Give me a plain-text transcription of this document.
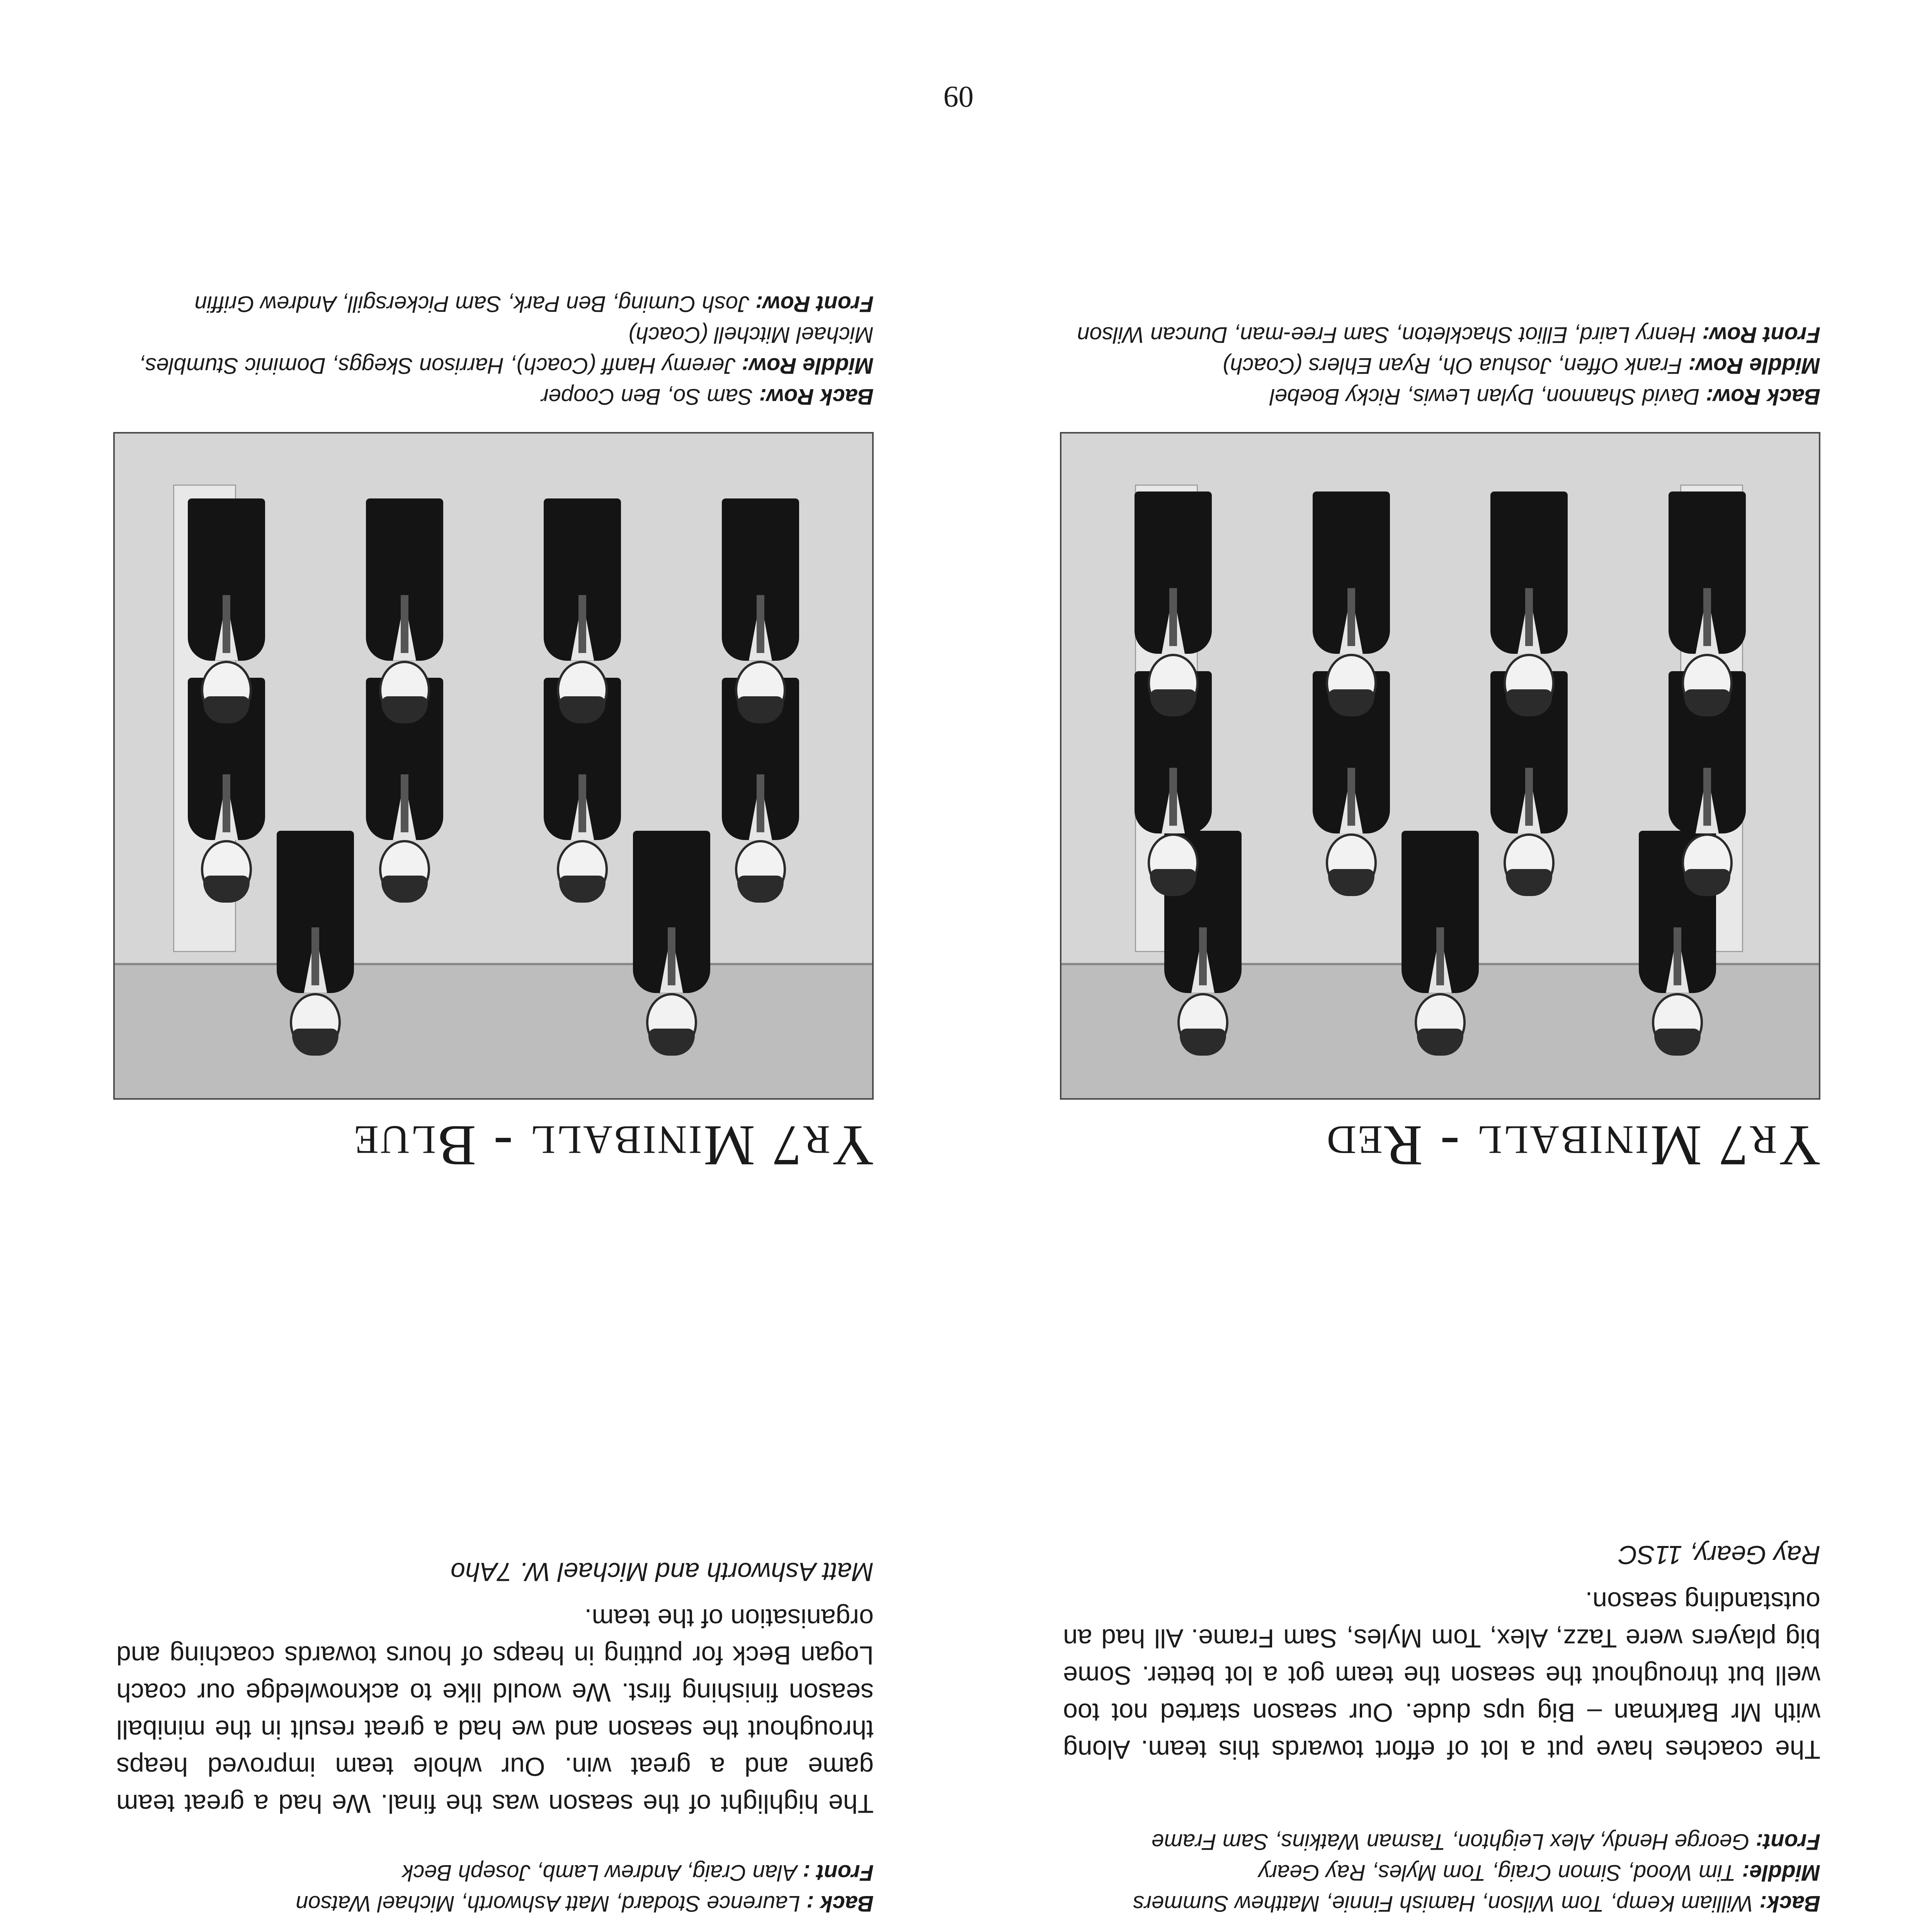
09
Yr7 Miniball - Red
Back Row: David Shannon, Dylan Lewis, Ricky Boebel
Middle Row: Frank Offen, Joshua Oh, Ryan Ehlers (Coach)
Front Row: Henry Laird, Elliot Shackleton, Sam Free-man, Duncan Wilson
The coaches have put a lot of effort towards this team. Along with Mr Barkman – Big ups dude. Our season started not too well but throughout the season the team got a lot better. Some big players were Tazz, Alex, Tom Myles, Sam Frame. All had an outstanding season.
Ray Geary, 11SC
Back: William Kemp, Tom Wilson, Hamish Finnie, Matthew Summers
Middle: Tim Wood, Simon Craig, Tom Myles, Ray Geary
Front: George Hendy, Alex Leighton, Tasman Watkins, Sam Frame
Yr7 Miniball - Blue
Back Row: Sam So, Ben Cooper
Middle Row: Jeremy Hanff (Coach), Harrison Skeggs, Dominic Stumbles, Michael Mitchell (Coach)
Front Row: Josh Cuming, Ben Park, Sam Pickersgill, Andrew Griffin
The highlight of the season was the final. We had a great team game and a great win. Our whole team improved heaps throughout the season and we had a great result in the miniball season finishing first. We would like to acknowledge our coach Logan Beck for putting in heaps of hours towards coaching and organisation of the team.
Matt Ashworth and Michael W. 7Aho
Back : Laurence Stodard, Matt Ashworth, Michael Watson
Front : Alan Craig, Andrew Lamb, Joseph Beck
